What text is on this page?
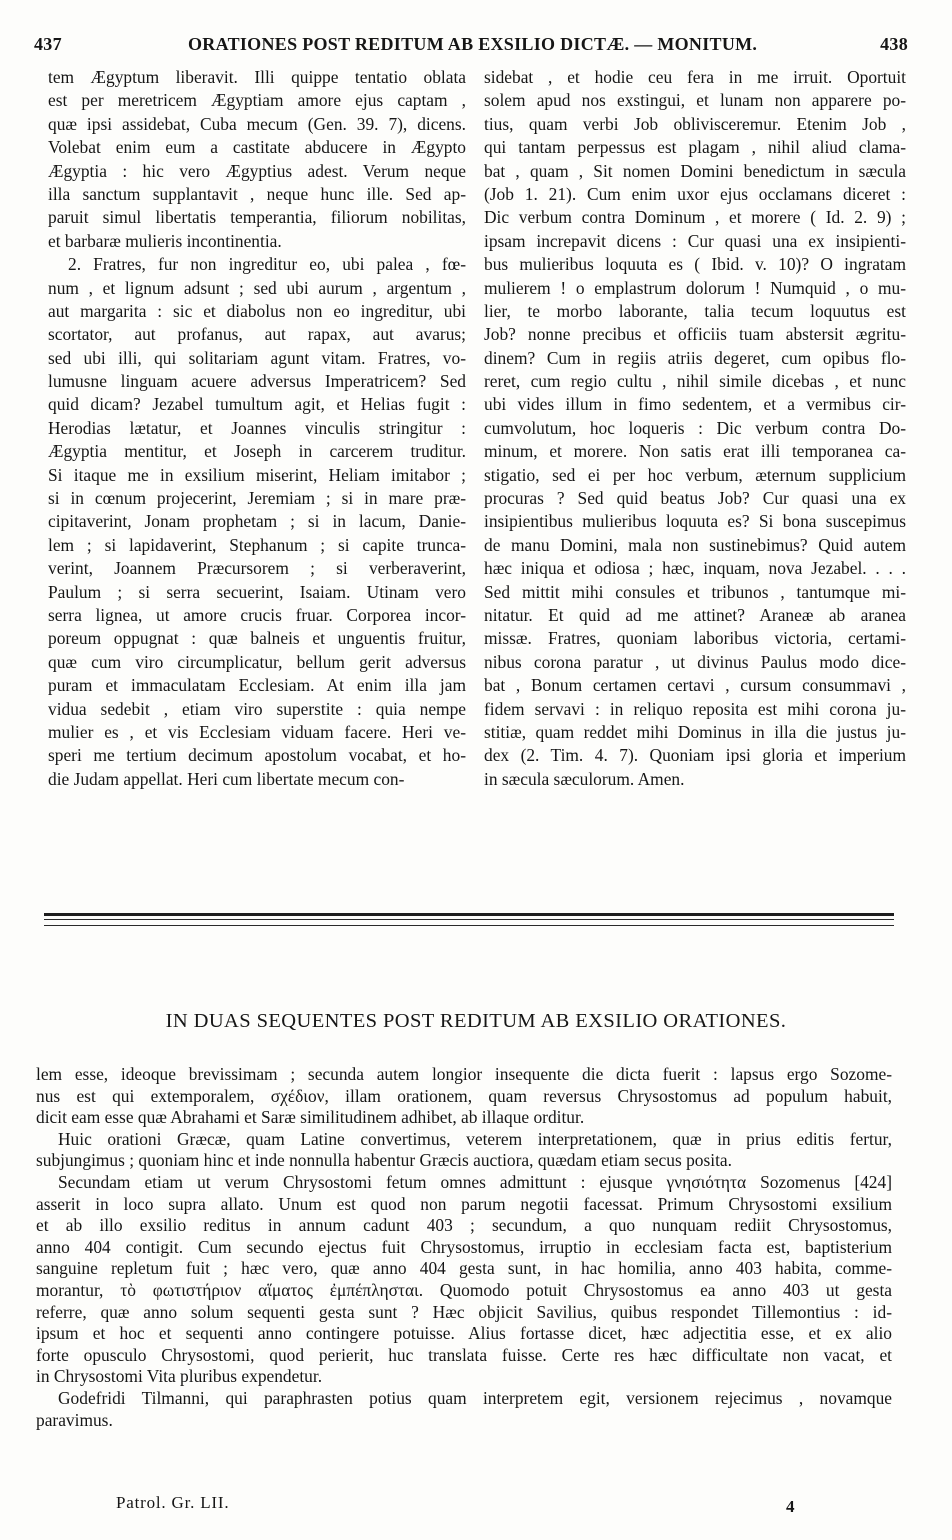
437	ORATIONES POST REDITUM AB EXSILIO DICTÆ. — MONITUM.	438
tem Ægyptum liberavit. Illi quippe tentatio oblata
est per meretricem Ægyptiam amore ejus captam ,
quæ ipsi assidebat, Cuba mecum (Gen. 39. 7), dicens.
Volebat enim eum a castitate abducere in Ægypto
Ægyptia : hic vero Ægyptius adest. Verum neque
illa sanctum supplantavit , neque hunc ille. Sed ap-
paruit simul libertatis temperantia, filiorum nobilitas,
et barbaræ mulieris incontinentia.
2. Fratres, fur non ingreditur eo, ubi palea , fœ-
num , et lignum adsunt ; sed ubi aurum , argentum ,
aut margarita : sic et diabolus non eo ingreditur, ubi
scortator, aut profanus, aut rapax, aut avarus;
sed ubi illi, qui solitariam agunt vitam. Fratres, vo-
lumusne linguam acuere adversus Imperatricem? Sed
quid dicam? Jezabel tumultum agit, et Helias fugit :
Herodias lætatur, et Joannes vinculis stringitur :
Ægyptia mentitur, et Joseph in carcerem truditur.
Si itaque me in exsilium miserint, Heliam imitabor ;
si in cœnum projecerint, Jeremiam ; si in mare præ-
cipitaverint, Jonam prophetam ; si in lacum, Danie-
lem ; si lapidaverint, Stephanum ; si capite trunca-
verint, Joannem Præcursorem ; si verberaverint,
Paulum ; si serra secuerint, Isaiam. Utinam vero
serra lignea, ut amore crucis fruar. Corporea incor-
poreum oppugnat : quæ balneis et unguentis fruitur,
quæ cum viro circumplicatur, bellum gerit adversus
puram et immaculatam Ecclesiam. At enim illa jam
vidua sedebit , etiam viro superstite : quia nempe
mulier es , et vis Ecclesiam viduam facere. Heri ve-
speri me tertium decimum apostolum vocabat, et ho-
die Judam appellat. Heri cum libertate mecum con-
sidebat , et hodie ceu fera in me irruit. Oportuit
solem apud nos exstingui, et lunam non apparere po-
tius, quam verbi Job oblivisceremur. Etenim Job ,
qui tantam perpessus est plagam , nihil aliud clama-
bat , quam , Sit nomen Domini benedictum in sæcula
(Job 1. 21). Cum enim uxor ejus occlamans diceret :
Dic verbum contra Dominum , et morere ( Id. 2. 9) ;
ipsam increpavit dicens : Cur quasi una ex insipienti-
bus mulieribus loquuta es ( Ibid. v. 10)? O ingratam
mulierem ! o emplastrum dolorum ! Numquid , o mu-
lier, te morbo laborante, talia tecum loquutus est
Job? nonne precibus et officiis tuam abstersit ægritu-
dinem? Cum in regiis atriis degeret, cum opibus flo-
reret, cum regio cultu , nihil simile dicebas , et nunc
ubi vides illum in fimo sedentem, et a vermibus cir-
cumvolutum, hoc loqueris : Dic verbum contra Do-
minum, et morere. Non satis erat illi temporanea ca-
stigatio, sed ei per hoc verbum, æternum supplicium
procuras ? Sed quid beatus Job? Cur quasi una ex
insipientibus mulieribus loquuta es? Si bona suscepimus
de manu Domini, mala non sustinebimus? Quid autem
hæc iniqua et odiosa ; hæc, inquam, nova Jezabel. . . .
Sed mittit mihi consules et tribunos , tantumque mi-
nitatur. Et quid ad me attinet? Araneæ ab aranea
missæ. Fratres, quoniam laboribus victoria, certami-
nibus corona paratur , ut divinus Paulus modo dice-
bat , Bonum certamen certavi , cursum consummavi ,
fidem servavi : in reliquo reposita est mihi corona ju-
stitiæ, quam reddet mihi Dominus in illa die justus ju-
dex (2. Tim. 4. 7). Quoniam ipsi gloria et imperium
in sæcula sæculorum. Amen.
IN DUAS SEQUENTES POST REDITUM AB EXSILIO ORATIONES.
lem esse, ideoque brevissimam ; secunda autem longior insequente die dicta fuerit : lapsus ergo Sozome-
nus est qui extemporalem, σχέδιον, illam orationem, quam reversus Chrysostomus ad populum habuit,
dicit eam esse quæ Abrahami et Saræ similitudinem adhibet, ab illaque orditur.
Huic orationi Græcæ, quam Latine convertimus, veterem interpretationem, quæ in prius editis fertur,
subjungimus ; quoniam hinc et inde nonnulla habentur Græcis auctiora, quædam etiam secus posita.
Secundam etiam ut verum Chrysostomi fetum omnes admittunt : ejusque γνησιότητα Sozomenus [424]
asserit in loco supra allato. Unum est quod non parum negotii facessat. Primum Chrysostomi exsilium
et ab illo exsilio reditus in annum cadunt 403 ; secundum, a quo nunquam rediit Chrysostomus,
anno 404 contigit. Cum secundo ejectus fuit Chrysostomus, irruptio in ecclesiam facta est, baptisterium
sanguine repletum fuit ; hæc vero, quæ anno 404 gesta sunt, in hac homilia, anno 403 habita, comme-
morantur, τὸ φωτιστήριον αἵματος ἐμπέπλησται. Quomodo potuit Chrysostomus ea anno 403 ut gesta
referre, quæ anno solum sequenti gesta sunt ? Hæc objicit Savilius, quibus respondet Tillemontius : id-
ipsum et hoc et sequenti anno contingere potuisse. Alius fortasse dicet, hæc adjectitia esse, et ex alio
forte opusculo Chrysostomi, quod perierit, huc translata fuisse. Certe res hæc difficultate non vacat, et
in Chrysostomi Vita pluribus expendetur.
Godefridi Tilmanni, qui paraphrasten potius quam interpretem egit, versionem rejecimus , novamque
paravimus.
Patrol. Gr. LII.	4
